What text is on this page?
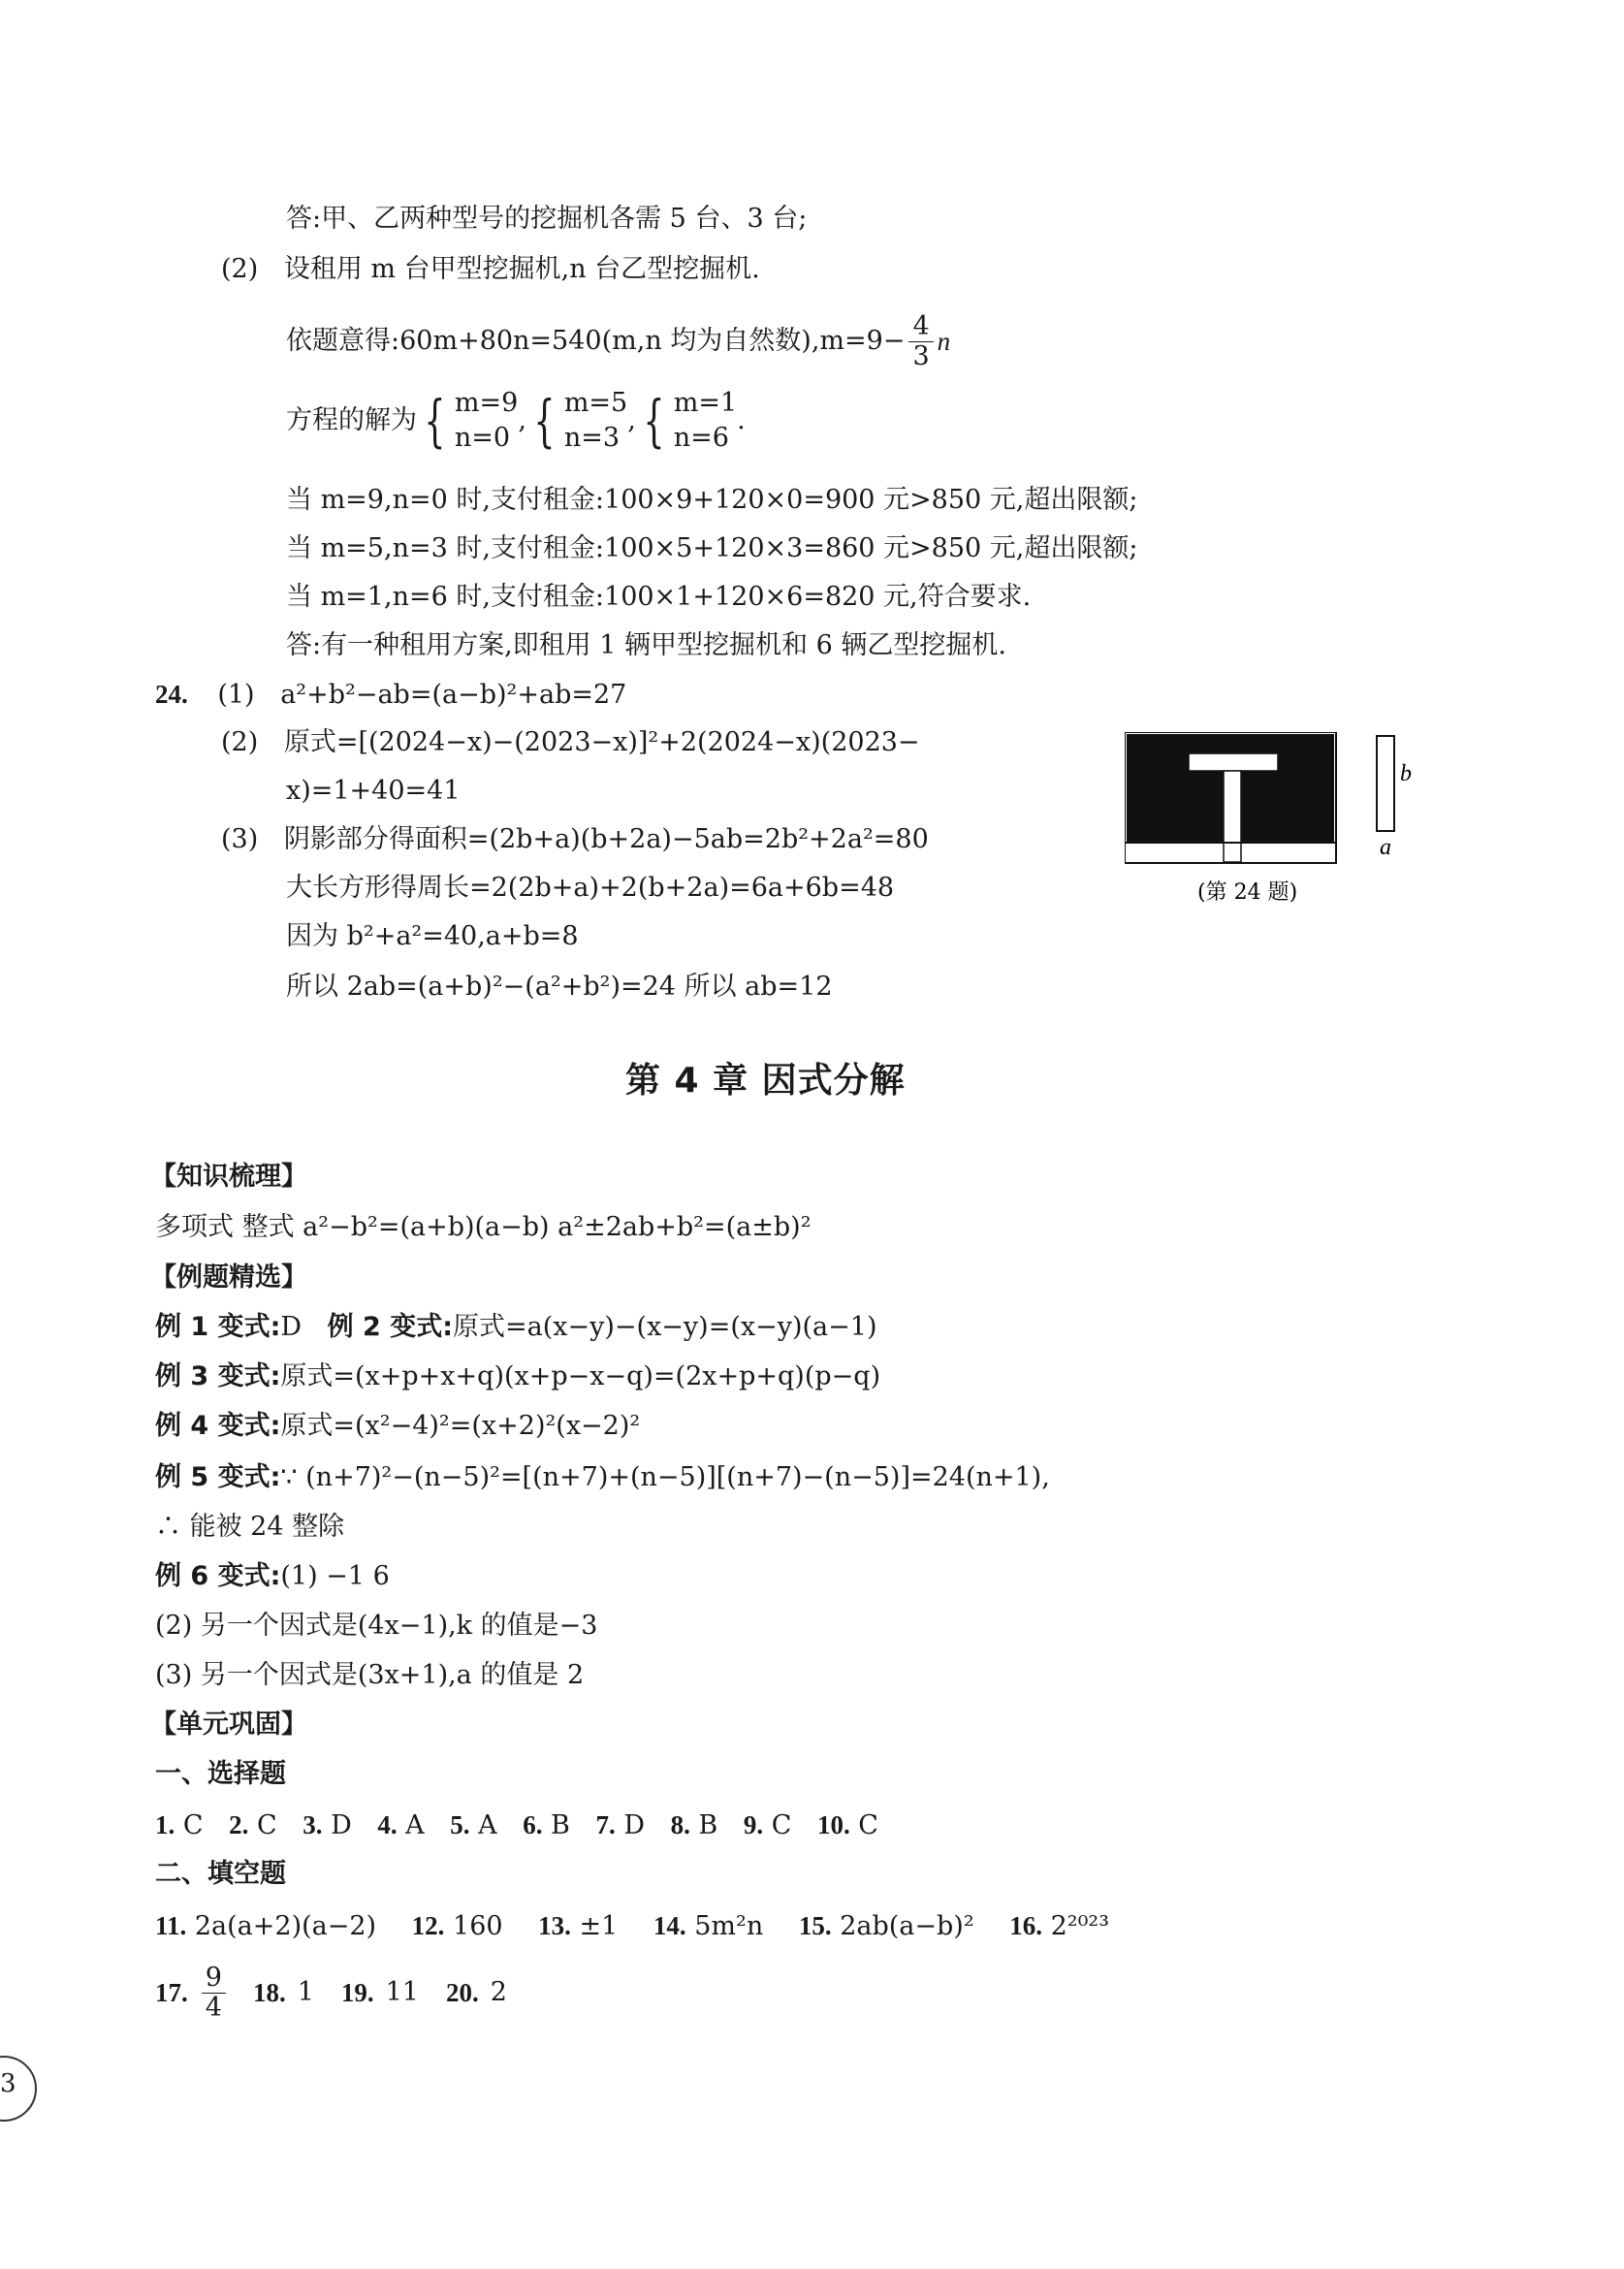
答:甲、乙两种型号的挖掘机各需 5 台、3 台;
(2) 设租用 m 台甲型挖掘机,n 台乙型挖掘机.
依题意得: 60m+80n=540(m,n 均为自然数)$,m=9- \frac{4}{3}$ n
方程的解为 { m=9
n=0
, { m=5
n=3
, { m=1
n=6
.
当 m=9,n=0 时,支付租金:100×9+120×0=900 元>850 元,超出限额;
当 m=5,n=3 时,支付租金:100×5+120×3=860 元>850 元,超出限额;
当 m=1,n=6 时,支付租金:100×1+120×6=820 元,符合要求.
答:有一种租用方案,即租用 1 辆甲型挖掘机和 6 辆乙型挖掘机.
24. (1) a²+b²−ab=(a−b)²+ab=27
(2) 原式=[(2024−x)−(2023−x)]²+2(2024−x)(2023−
x)=1+40=41
(3) 阴影部分得面积=(2b+a)(b+2a)−5ab=2b²+2a²=80
大长方形得周长=2(2b+a)+2(b+2a)=6a+6b=48
因为 b²+a²=40,a+b=8
所以 2ab=(a+b)²−(a²+b²)=24 所以 ab=12
b
a
(第 24 题)
第 4 章 因式分解
【知识梳理】
多项式 整式 a²−b²=(a+b)(a−b) a²±2ab+b²=(a±b)²
【例题精选】
例 1 变式:D 例 2 变式:原式=a(x−y)−(x−y)=(x−y)(a−1)
例 3 变式:原式=(x+p+x+q)(x+p−x−q)=(2x+p+q)(p−q)
例 4 变式:原式=(x²−4)²=(x+2)²(x−2)²
例 5 变式:∵ (n+7)²−(n−5)²=[(n+7)+(n−5)][(n+7)−(n−5)]=24(n+1),
∴ 能被 24 整除
例 6 变式:(1) −1 6
(2) 另一个因式是(4x−1),k 的值是−3
(3) 另一个因式是(3x+1),a 的值是 2
【单元巩固】
一、选择题
1. C 2. C 3. D 4. A 5. A 6. B 7. D 8. B 9. C 10. C
二、填空题
11. 2a(a+2)(a−2) 12. 160 13. ±1 14. 5m²n 15. 2ab(a−b)² 16. 2²⁰²³
17. $\frac{9}{4} 18$. 1 19. 11 20. 2
3
